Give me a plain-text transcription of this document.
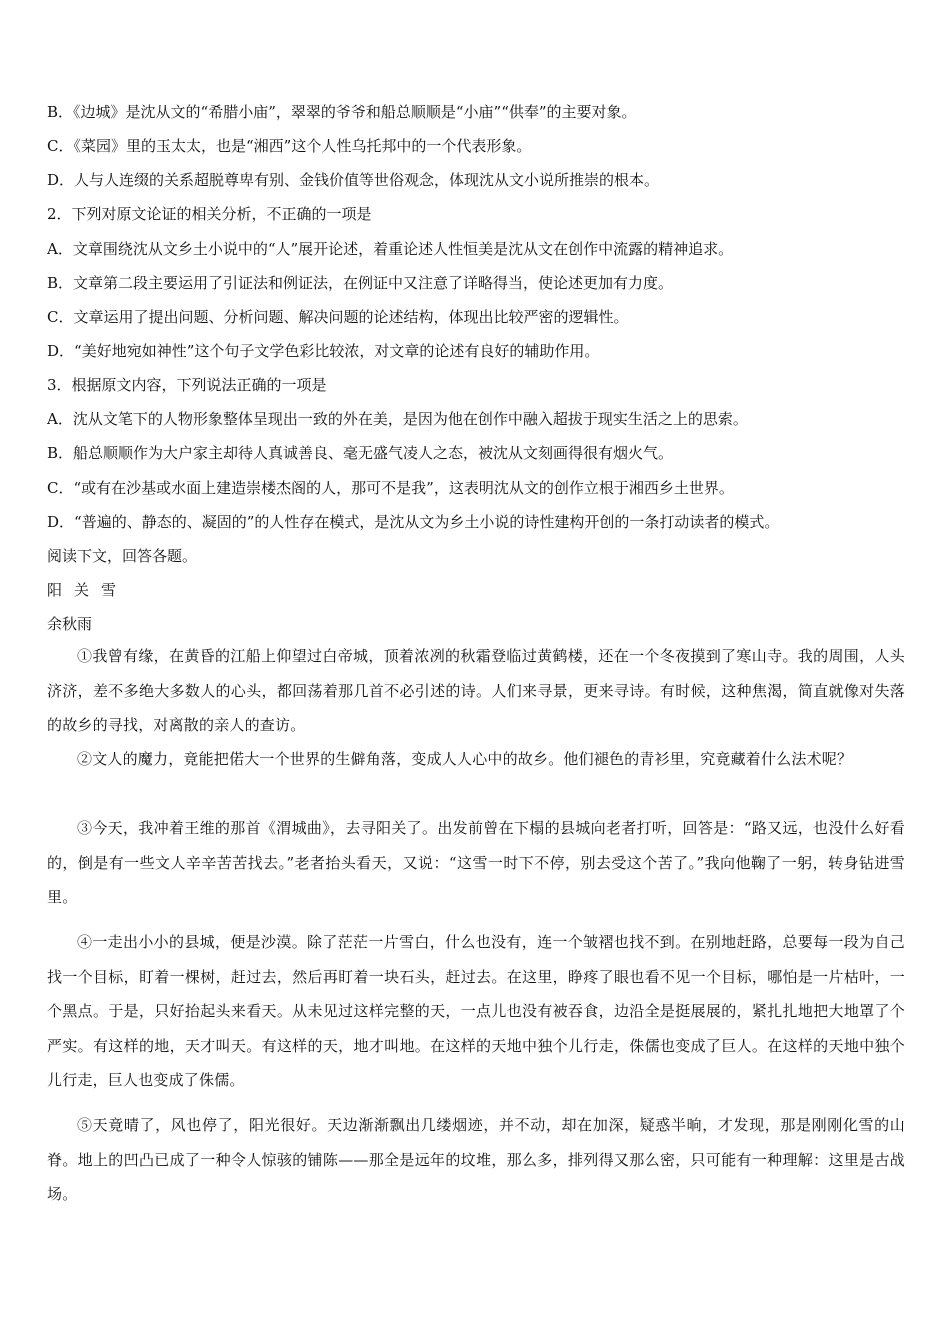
B．《边城》是沈从文的“希腊小庙”，翠翠的爷爷和船总顺顺是“小庙”“供奉”的主要对象。
C．《菜园》里的玉太太，也是“湘西”这个人性乌托邦中的一个代表形象。
D．人与人连缀的关系超脱尊卑有别、金钱价值等世俗观念，体现沈从文小说所推崇的根本。
2．下列对原文论证的相关分析，不正确的一项是
A．文章围绕沈从文乡土小说中的“人”展开论述，着重论述人性恒美是沈从文在创作中流露的精神追求。
B．文章第二段主要运用了引证法和例证法，在例证中又注意了详略得当，使论述更加有力度。
C．文章运用了提出问题、分析问题、解决问题的论述结构，体现出比较严密的逻辑性。
D．“美好地宛如神性”这个句子文学色彩比较浓，对文章的论述有良好的辅助作用。
3．根据原文内容，下列说法正确的一项是
A．沈从文笔下的人物形象整体呈现出一致的外在美，是因为他在创作中融入超拔于现实生活之上的思索。
B．船总顺顺作为大户家主却待人真诚善良、毫无盛气凌人之态，被沈从文刻画得很有烟火气。
C．“或有在沙基或水面上建造崇楼杰阁的人，那可不是我”，这表明沈从文的创作立根于湘西乡土世界。
D．“普遍的、静态的、凝固的”的人性存在模式，是沈从文为乡土小说的诗性建构开创的一条打动读者的模式。
阅读下文，回答各题。
阳关雪
余秋雨
①我曾有缘，在黄昏的江船上仰望过白帝城，顶着浓冽的秋霜登临过黄鹤楼，还在一个冬夜摸到了寒山寺。我的周围，人头济济，差不多绝大多数人的心头，都回荡着那几首不必引述的诗。人们来寻景，更来寻诗。有时候，这种焦渴，简直就像对失落的故乡的寻找，对离散的亲人的查访。
②文人的魔力，竟能把偌大一个世界的生僻角落，变成人人心中的故乡。他们褪色的青衫里，究竟藏着什么法术呢？
③今天，我冲着王维的那首《渭城曲》，去寻阳关了。出发前曾在下榻的县城向老者打听，回答是：“路又远，也没什么好看的，倒是有一些文人辛辛苦苦找去。”老者抬头看天，又说：“这雪一时下不停，别去受这个苦了。”我向他鞠了一躬，转身钻进雪里。
④一走出小小的县城，便是沙漠。除了茫茫一片雪白，什么也没有，连一个皱褶也找不到。在别地赶路，总要每一段为自己找一个目标，盯着一棵树，赶过去，然后再盯着一块石头，赶过去。在这里，睁疼了眼也看不见一个目标，哪怕是一片枯叶，一个黑点。于是，只好抬起头来看天。从未见过这样完整的天，一点儿也没有被吞食，边沿全是挺展展的，紧扎扎地把大地罩了个严实。有这样的地，天才叫天。有这样的天，地才叫地。在这样的天地中独个儿行走，侏儒也变成了巨人。在这样的天地中独个儿行走，巨人也变成了侏儒。
⑤天竟晴了，风也停了，阳光很好。天边渐渐飘出几缕烟迹，并不动，却在加深，疑惑半晌，才发现，那是刚刚化雪的山脊。地上的凹凸已成了一种令人惊骇的铺陈——那全是远年的坟堆，那么多，排列得又那么密，只可能有一种理解：这里是古战场。
